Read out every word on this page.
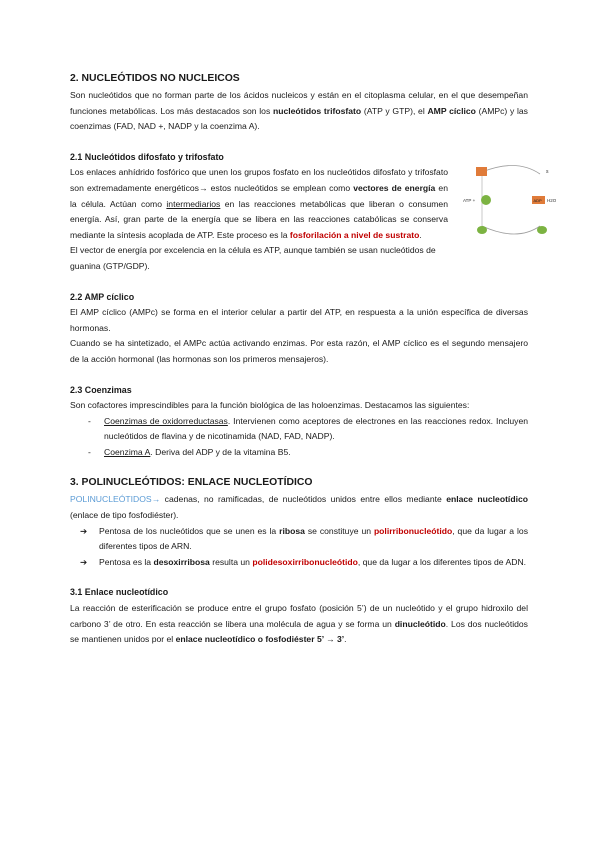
2. NUCLEÓTIDOS NO NUCLEICOS

Son nucleótidos que no forman parte de los ácidos nucleicos y están en el citoplasma celular, en el que desempeñan funciones metabólicas. Los más destacados son los nucleótidos trifosfato (ATP y GTP), el AMP cíclico (AMPc) y las coenzimas (FAD, NAD +, NADP y la coenzima A).

2.1 Nucleótidos difosfato y trifosfato

Los enlaces anhídrido fosfórico que unen los grupos fosfato en los nucleótidos difosfato y trifosfato son extremadamente energéticos→ estos nucleótidos se emplean como vectores de energía en la célula. Actúan como intermediarios en las reacciones metabólicas que liberan o consumen energía. Así, gran parte de la energía que se libera en las reacciones catabólicas se conserva mediante la síntesis acoplada de ATP. Este proceso es la fosforilación a nivel de sustrato.

El vector de energía por excelencia en la célula es ATP, aunque también se usan nucleótidos de guanina (GTP/GDP).

2.2 AMP cíclico

El AMP cíclico (AMPc) se forma en el interior celular a partir del ATP, en respuesta a la unión específica de diversas hormonas.

Cuando se ha sintetizado, el AMPc actúa activando enzimas. Por esta razón, el AMP cíclico es el segundo mensajero de la acción hormonal (las hormonas son los primeros mensajeros).

2.3 Coenzimas

Son cofactores imprescindibles para la función biológica de las holoenzimas. Destacamos las siguientes:

- Coenzimas de oxidorreductasas. Intervienen como aceptores de electrones en las reacciones redox. Incluyen nucleótidos de flavina y de nicotinamida (NAD, FAD, NADP).
- Coenzima A. Deriva del ADP y de la vitamina B5.
3. POLINUCLEÓTIDOS: ENLACE NUCLEOTÍDICO

POLINUCLEÓTIDOS→ cadenas, no ramificadas, de nucleótidos unidos entre ellos mediante enlace nucleotídico (enlace de tipo fosfodiéster).

➔ Pentosa de los nucleótidos que se unen es la ribosa se constituye un polirribonucleótido, que da lugar a los diferentes tipos de ARN.
➔ Pentosa es la desoxirribosa resulta un polidesoxirribonucleótido, que da lugar a los diferentes tipos de ADN.
3.1 Enlace nucleotídico

La reacción de esterificación se produce entre el grupo fosfato (posición 5’) de un nucleótido y el grupo hidroxilo del carbono 3’ de otro. En esta reacción se libera una molécula de agua y se forma un dinucleótido. Los dos nucleótidos se mantienen unidos por el enlace nucleotídico o fosfodiéster 5’ → 3’.

s
ATP +	ADP H2O
